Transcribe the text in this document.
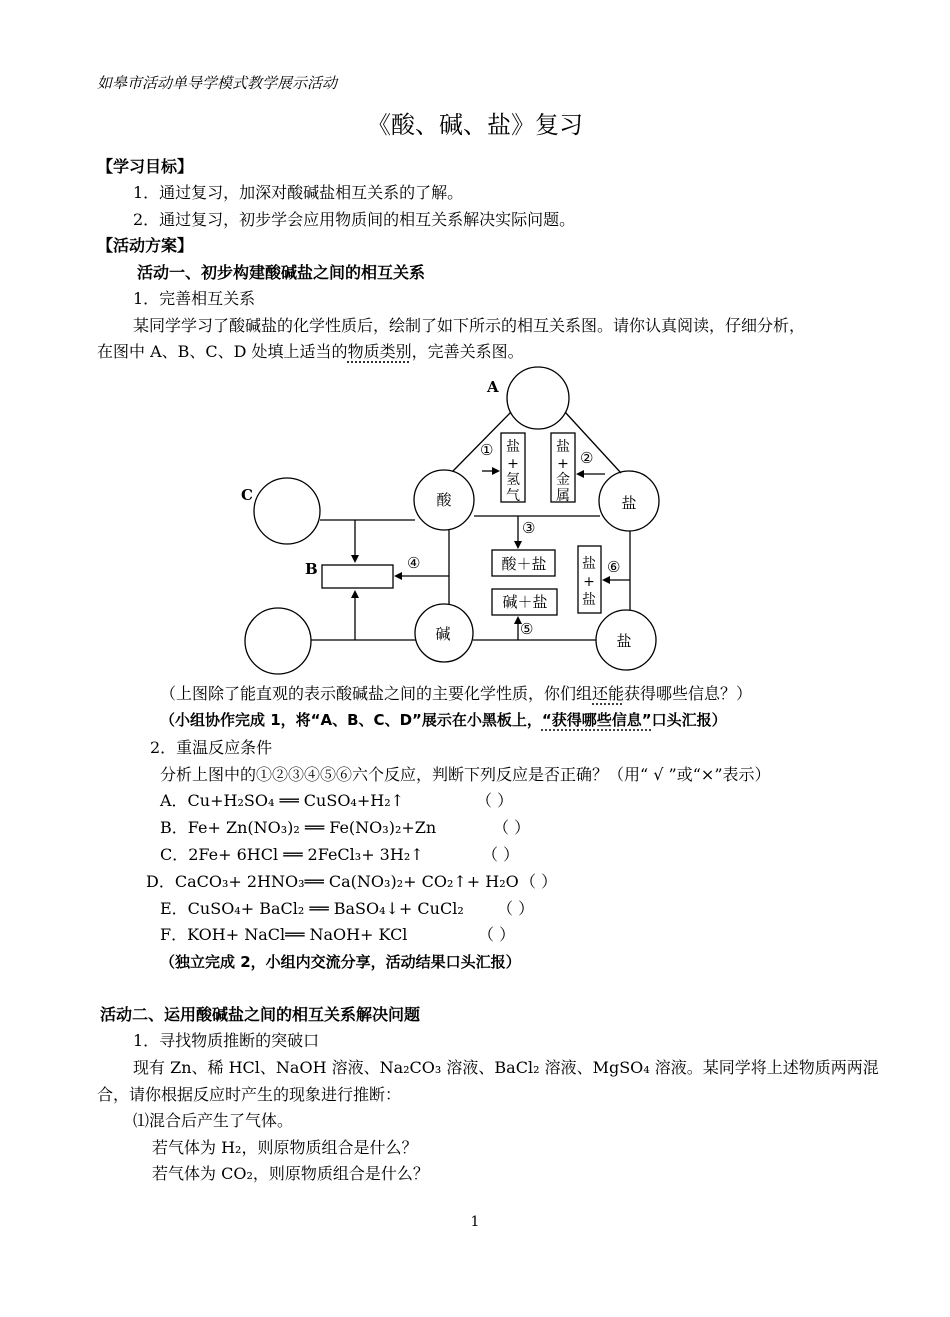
如皋市活动单导学模式教学展示活动
《酸、碱、盐》复习
【学习目标】
1．通过复习，加深对酸碱盐相互关系的了解。
2．通过复习，初步学会应用物质间的相互关系解决实际问题。
【活动方案】
活动一、初步构建酸碱盐之间的相互关系
1．完善相互关系
某同学学习了酸碱盐的化学性质后，绘制了如下所示的相互关系图。请你认真阅读，仔细分析，
在图中 A、B、C、D 处填上适当的物质类别，完善关系图。
A
C
B
酸	盐
碱	盐
酸＋盐
碱＋盐
①	②
③
④
⑤
⑥
盐+氢气
盐+金属
盐+盐
（上图除了能直观的表示酸碱盐之间的主要化学性质，你们组还能获得哪些信息？）
（小组协作完成 1，将“A、B、C、D”展示在小黑板上，“获得哪些信息”口头汇报）
2．重温反应条件
分析上图中的①②③④⑤⑥六个反应，判断下列反应是否正确？（用“ √ ”或“×”表示）
A．Cu+H₂SO₄ ══ CuSO₄+H₂↑	（ ）
B．Fe+ Zn(NO₃)₂ ══ Fe(NO₃)₂+Zn	（ ）
C．2Fe+ 6HCl ══ 2FeCl₃+ 3H₂↑	（ ）
D．CaCO₃+ 2HNO₃══ Ca(NO₃)₂+ CO₂↑+ H₂O （ ）
E．CuSO₄+ BaCl₂ ══ BaSO₄↓+ CuCl₂ （ ）
F．KOH+ NaCl══ NaOH+ KCl	（ ）
（独立完成 2，小组内交流分享，活动结果口头汇报）
活动二、运用酸碱盐之间的相互关系解决问题
1．寻找物质推断的突破口
现有 Zn、稀 HCl、NaOH 溶液、Na₂CO₃ 溶液、BaCl₂ 溶液、MgSO₄ 溶液。某同学将上述物质两两混
合，请你根据反应时产生的现象进行推断：
⑴混合后产生了气体。
若气体为 H₂，则原物质组合是什么？
若气体为 CO₂，则原物质组合是什么？
1
